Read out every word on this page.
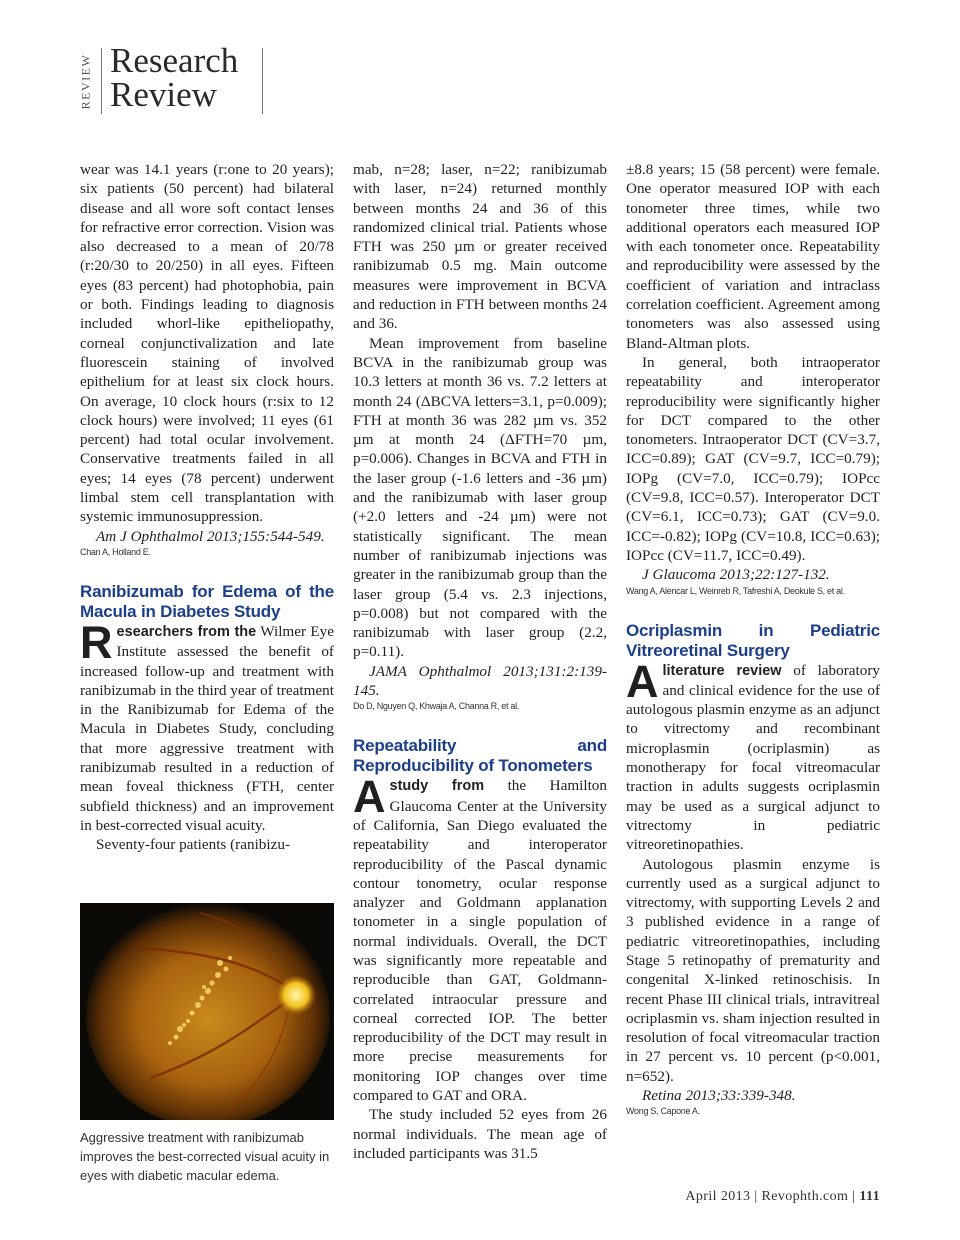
REVIEW Research
Review

wear was 14.1 years (r:one to 20 years); six patients (50 percent) had bilateral disease and all wore soft contact lenses for refractive error correction. Vision was also decreased to a mean of 20/78 (r:20/30 to 20/250) in all eyes. Fifteen eyes (83 percent) had photophobia, pain or both. Findings leading to diagnosis included whorl-like epitheliopathy, corneal conjunctivalization and late fluorescein staining of involved epithelium for at least six clock hours. On average, 10 clock hours (r:six to 12 clock hours) were involved; 11 eyes (61 percent) had total ocular involvement. Conservative treatments failed in all eyes; 14 eyes (78 percent) underwent limbal stem cell transplantation with systemic immunosuppression.

Am J Ophthalmol 2013;155:544-549.

Chan A, Holland E.

Ranibizumab for Edema of the Macula in Diabetes Study

Researchers from the Wilmer Eye Institute assessed the benefit of increased follow-up and treatment with ranibizumab in the third year of treatment in the Ranibizumab for Edema of the Macula in Diabetes Study, concluding that more aggressive treatment with ranibizumab resulted in a reduction of mean foveal thickness (FTH, center subfield thickness) and an improvement in best-corrected visual acuity.

Seventy-four patients (ranibizu-

Aggressive treatment with ranibizumab improves the best-corrected visual acuity in eyes with diabetic macular edema.

mab, n=28; laser, n=22; ranibizumab with laser, n=24) returned monthly between months 24 and 36 of this randomized clinical trial. Patients whose FTH was 250 µm or greater received ranibizumab 0.5 mg. Main outcome measures were improvement in BCVA and reduction in FTH between months 24 and 36.

Mean improvement from baseline BCVA in the ranibizumab group was 10.3 letters at month 36 vs. 7.2 letters at month 24 (ΔBCVA letters=3.1, p=0.009); FTH at month 36 was 282 µm vs. 352 µm at month 24 (ΔFTH=70 µm, p=0.006). Changes in BCVA and FTH in the laser group (-1.6 letters and -36 µm) and the ranibizumab with laser group (+2.0 letters and -24 µm) were not statistically significant. The mean number of ranibizumab injections was greater in the ranibizumab group than the laser group (5.4 vs. 2.3 injections, p=0.008) but not compared with the ranibizumab with laser group (2.2, p=0.11).

JAMA Ophthalmol 2013;131:2:139-145.

Do D, Nguyen Q, Khwaja A, Channa R, et al.

Repeatability and Reproducibility of Tonometers

Astudy from the Hamilton Glaucoma Center at the University of California, San Diego evaluated the repeatability and interoperator reproducibility of the Pascal dynamic contour tonometry, ocular response analyzer and Goldmann applanation tonometer in a single population of normal individuals. Overall, the DCT was significantly more repeatable and reproducible than GAT, Goldmann-correlated intraocular pressure and corneal corrected IOP. The better reproducibility of the DCT may result in more precise measurements for monitoring IOP changes over time compared to GAT and ORA.

The study included 52 eyes from 26 normal individuals. The mean age of included participants was 31.5

±8.8 years; 15 (58 percent) were female. One operator measured IOP with each tonometer three times, while two additional operators each measured IOP with each tonometer once. Repeatability and reproducibility were assessed by the coefficient of variation and intraclass correlation coefficient. Agreement among tonometers was also assessed using Bland-Altman plots.

In general, both intraoperator repeatability and interoperator reproducibility were significantly higher for DCT compared to the other tonometers. Intraoperator DCT (CV=3.7, ICC=0.89); GAT (CV=9.7, ICC=0.79); IOPg (CV=7.0, ICC=0.79); IOPcc (CV=9.8, ICC=0.57). Interoperator DCT (CV=6.1, ICC=0.73); GAT (CV=9.0. ICC=-0.82); IOPg (CV=10.8, ICC=0.63); IOPcc (CV=11.7, ICC=0.49).

J Glaucoma 2013;22:127-132.

Wang A, Alencar L, Weinreb R, Tafreshi A, Deokule S, et al.

Ocriplasmin in Pediatric Vitreoretinal Surgery

Aliterature review of laboratory and clinical evidence for the use of autologous plasmin enzyme as an adjunct to vitrectomy and recombinant microplasmin (ocriplasmin) as monotherapy for focal vitreomacular traction in adults suggests ocriplasmin may be used as a surgical adjunct to vitrectomy in pediatric vitreoretinopathies.

Autologous plasmin enzyme is currently used as a surgical adjunct to vitrectomy, with supporting Levels 2 and 3 published evidence in a range of pediatric vitreoretinopathies, including Stage 5 retinopathy of prematurity and congenital X-linked retinoschisis. In recent Phase III clinical trials, intravitreal ocriplasmin vs. sham injection resulted in resolution of focal vitreomacular traction in 27 percent vs. 10 percent (p<0.001, n=652).

Retina 2013;33:339-348.

Wong S, Capone A.

April 2013 | Revophth.com | 111
